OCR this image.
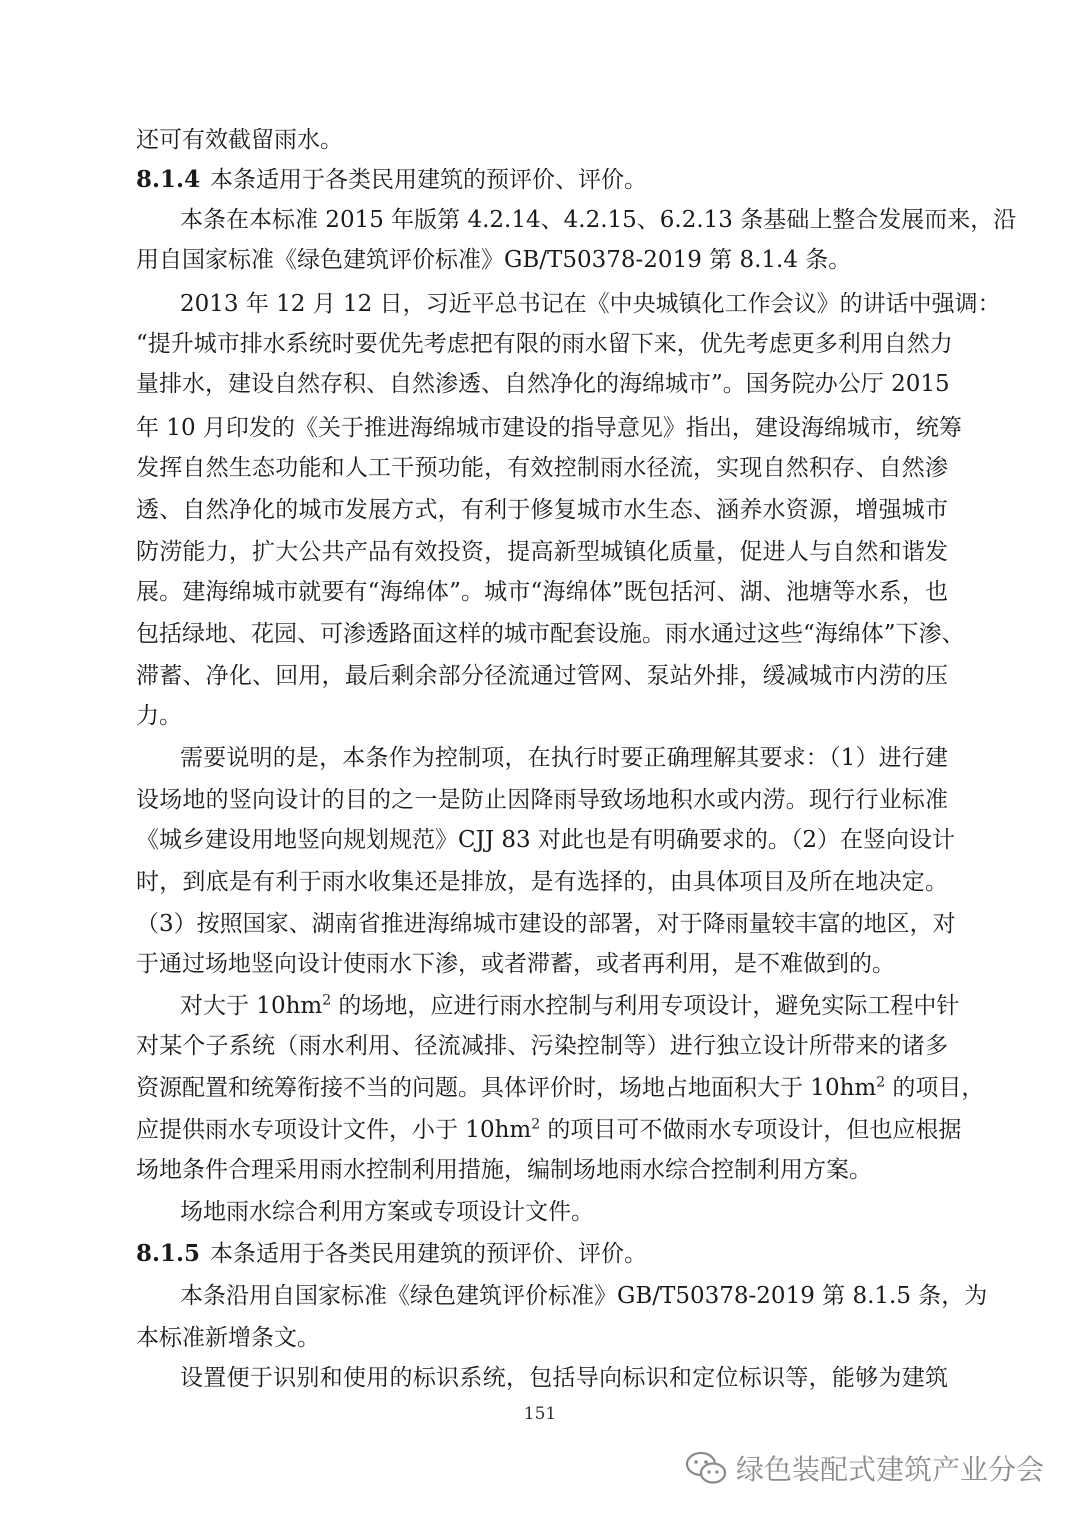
还可有效截留雨水。
8.1.4 本条适用于各类民用建筑的预评价、评价。
本条在本标准 2015 年版第 4.2.14、4.2.15、6.2.13 条基础上整合发展而来，沿
用自国家标准《绿色建筑评价标准》GB/T50378-2019 第 8.1.4 条。
2013 年 12 月 12 日，习近平总书记在《中央城镇化工作会议》的讲话中强调：
“提升城市排水系统时要优先考虑把有限的雨水留下来，优先考虑更多利用自然力
量排水，建设自然存积、自然渗透、自然净化的海绵城市”。国务院办公厅 2015
年 10 月印发的《关于推进海绵城市建设的指导意见》指出，建设海绵城市，统筹
发挥自然生态功能和人工干预功能，有效控制雨水径流，实现自然积存、自然渗
透、自然净化的城市发展方式，有利于修复城市水生态、涵养水资源，增强城市
防涝能力，扩大公共产品有效投资，提高新型城镇化质量，促进人与自然和谐发
展。建海绵城市就要有“海绵体”。城市“海绵体”既包括河、湖、池塘等水系，也
包括绿地、花园、可渗透路面这样的城市配套设施。雨水通过这些“海绵体”下渗、
滞蓄、净化、回用，最后剩余部分径流通过管网、泵站外排，缓减城市内涝的压
力。
需要说明的是，本条作为控制项，在执行时要正确理解其要求：（1）进行建
设场地的竖向设计的目的之一是防止因降雨导致场地积水或内涝。现行行业标准
《城乡建设用地竖向规划规范》CJJ 83 对此也是有明确要求的。（2）在竖向设计
时，到底是有利于雨水收集还是排放，是有选择的，由具体项目及所在地决定。
（3）按照国家、湖南省推进海绵城市建设的部署，对于降雨量较丰富的地区，对
于通过场地竖向设计使雨水下渗，或者滞蓄，或者再利用，是不难做到的。
对大于 $10hm^2$ 的场地，应进行雨水控制与利用专项设计，避免实际工程中针
对某个子系统（雨水利用、径流减排、污染控制等）进行独立设计所带来的诸多
资源配置和统筹衔接不当的问题。具体评价时，场地占地面积大于 $10hm^2$ 的项目，
应提供雨水专项设计文件，小于 $10hm^2$ 的项目可不做雨水专项设计，但也应根据
场地条件合理采用雨水控制利用措施，编制场地雨水综合控制利用方案。
场地雨水综合利用方案或专项设计文件。
8.1.5 本条适用于各类民用建筑的预评价、评价。
本条沿用自国家标准《绿色建筑评价标准》GB/T50378-2019 第 8.1.5 条，为
本标准新增条文。
设置便于识别和使用的标识系统，包括导向标识和定位标识等，能够为建筑
151
绿色装配式建筑产业分会
